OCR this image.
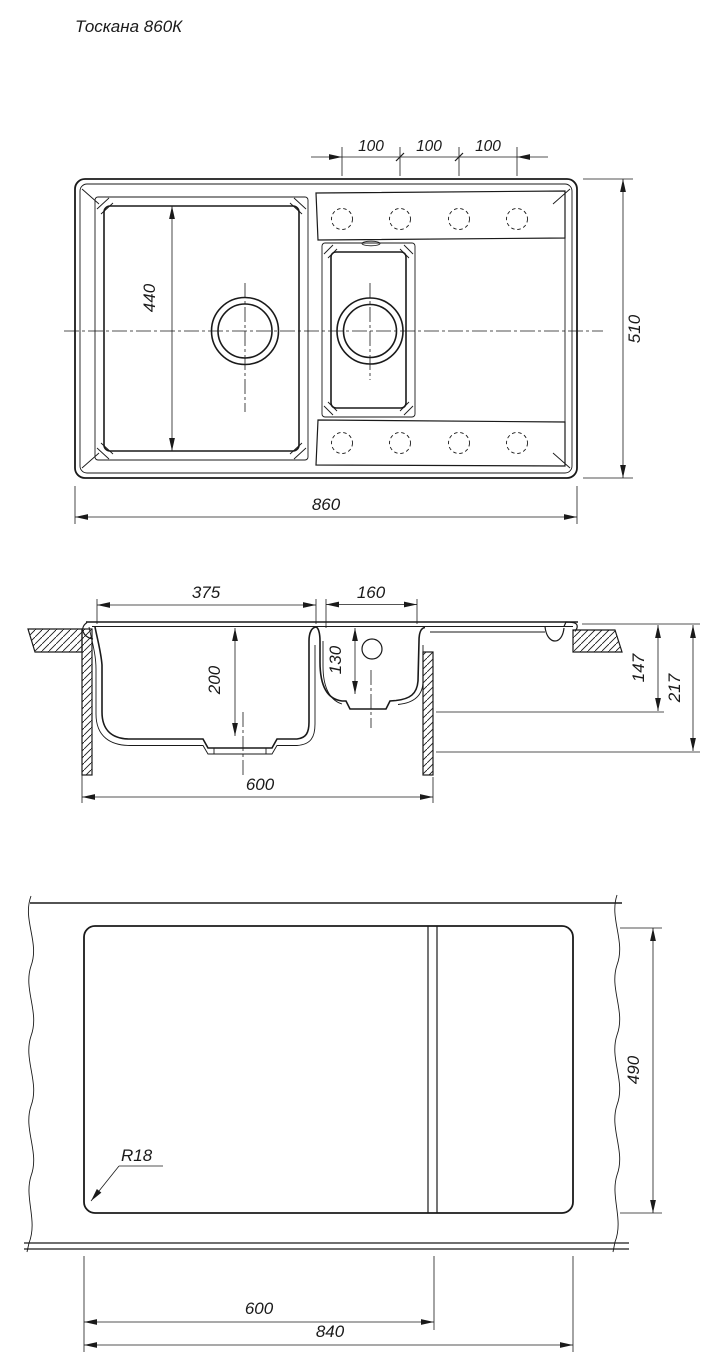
Тоскана 860К
100 100 100
440
860
510
375	160
200
130	147
217
600
R18
490
600
840
